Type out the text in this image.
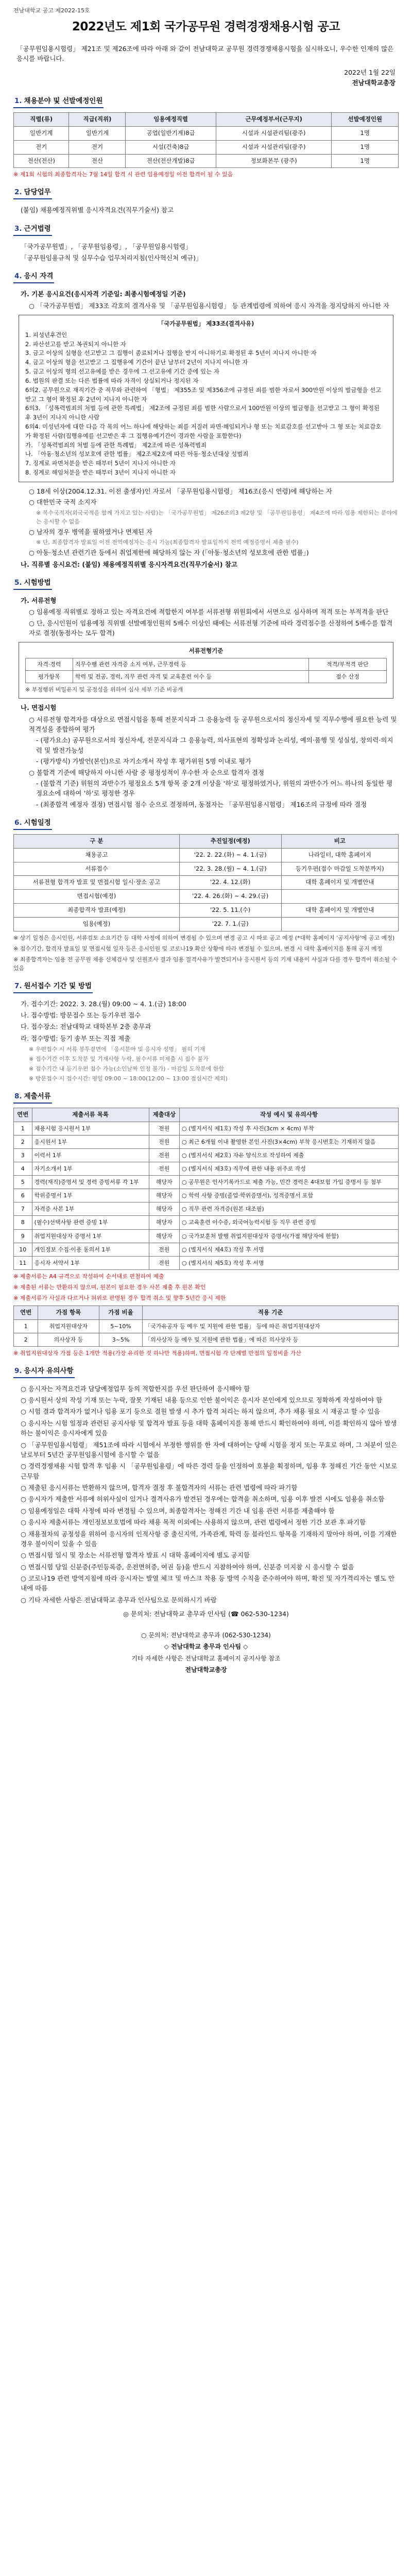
전남대학교 공고 제2022-15호
2022년도 제1회 국가공무원 경력경쟁채용시험 공고
「공무원임용시험령」 제21조 및 제26조에 따라 아래 와 같이 전남대학교 공무원 경력경쟁채용시험을 실시하오니, 우수한 인재의 많은 응시를 바랍니다.
2022년 1월 22일
전남대학교총장
1. 채용분야 및 선발예정인원
직렬(류)	직급(직위)	임용예정직렬	근무예정부서(근무지)	선발예정인원
일반기계	일반기계	공업(일반기계)8급	시설과 시설관리팀(광주)	1명
전기	전기	시설(건축)8급	시설과 시설관리팀(광주)	1명
전산(전산)	전산	전산(전산개발)8급	정보화본부 (광주)	1명
※ 제1회 시험의 최종합격자는 7월 14일 합격 시 관련 임용예정일 이전 합격이 될 수 있음
2. 담당업무
(붙임) 채용예정직위별 응시자격요건(직무기술서) 참고
3. 근거법령
「국가공무원법」, 「공무원임용령」, 「공무원임용시험령」
「공무원임용규칙 및 실무수습 업무처리지침(인사혁신처 예규)」
4. 응시 자격
가. 기본 응시요건(응시자격 기준일: 최종시험예정일 기준)
○ 「국가공무원법」 제33조 각호의 결격사유 및 「공무원임용시험령」 등 관계법령에 의하여 응시 자격을 정지당하지 아니한 자
「국가공무원법」 제33조(결격사유)
1. 피성년후견인
2. 파산선고를 받고 복권되지 아니한 자
3. 금고 이상의 실형을 선고받고 그 집행이 종료되거나 집행을 받지 아니하기로 확정된 후 5년이 지나지 아니한 자
4. 금고 이상의 형을 선고받고 그 집행유예 기간이 끝난 날부터 2년이 지나지 아니한 자
5. 금고 이상의 형의 선고유예를 받은 경우에 그 선고유예 기간 중에 있는 자
6. 법원의 판결 또는 다른 법률에 따라 자격이 상실되거나 정지된 자
6의2. 공무원으로 재직기간 중 직무와 관련하여 「형법」 제355조 및 제356조에 규정된 죄를 범한 자로서 300만원 이상의 벌금형을 선고받고 그 형이 확정된 후 2년이 지나지 아니한 자
6의3. 「성폭력범죄의 처벌 등에 관한 특례법」 제2조에 규정된 죄를 범한 사람으로서 100만원 이상의 벌금형을 선고받고 그 형이 확정된 후 3년이 지나지 아니한 사람
6의4. 미성년자에 대한 다음 각 목의 어느 하나에 해당하는 죄를 저질러 파면·해임되거나 형 또는 치료감호를 선고받아 그 형 또는 치료감호가 확정된 사람(집행유예를 선고받은 후 그 집행유예기간이 경과한 사람을 포함한다)
가. 「성폭력범죄의 처벌 등에 관한 특례법」 제2조에 따른 성폭력범죄
나. 「아동·청소년의 성보호에 관한 법률」 제2조제2호에 따른 아동·청소년대상 성범죄
7. 징계로 파면처분을 받은 때부터 5년이 지나지 아니한 자
8. 징계로 해임처분을 받은 때부터 3년이 지나지 아니한 자
○ 18세 이상(2004.12.31. 이전 출생자)인 자로서 「공무원임용시험령」 제16조(응시 연령)에 해당하는 자
○ 대한민국 국적 소지자
※ 복수국적자(외국국적을 함께 가지고 있는 사람)는 「국가공무원법」 제26조의3 제2항 및 「공무원임용령」 제4조에 따라 임용 제한되는 분야에는 응시할 수 없음
○ 남자의 경우 병역을 필하였거나 면제된 자
※ 단, 최종합격자 발표일 이전 전역예정자는 응시 가능(최종합격자 발표일까지 전역 예정증명서 제출 필수)
○ 아동·청소년 관련기관 등에서 취업제한에 해당하지 않는 자 (「아동·청소년의 성보호에 관한 법률」)
나. 직류별 응시요건: (붙임) 채용예정직위별 응시자격요건(직무기술서) 참고
5. 시험방법
가. 서류전형
○ 임용예정 직위별로 정하고 있는 자격요건에 적합한지 여부를 서류전형 위원회에서 서면으로 심사하며 적격 또는 부적격을 판단
○ 단, 응시인원이 임용예정 직위별 선발예정인원의 5배수 이상인 때에는 서류전형 기준에 따라 경력점수를 산정하여 5배수를 합격자로 결정(동점자는 모두 합격)
서류전형기준
자격·경력	직무수행 관련 자격증 소지 여부, 근무경력 등	적격/부적격 판단
평가항목	학력 및 전공, 경력, 직무 관련 자격 및 교육훈련 이수 등	점수 산정
※ 부정행위 비밀유지 및 공정성을 위하여 심사 세부 기준 비공개
나. 면접시험
○ 서류전형 합격자를 대상으로 면접시험을 통해 전문지식과 그 응용능력 등 공무원으로서의 정신자세 및 직무수행에 필요한 능력 및 적격성을 종합하여 평가
- (평가요소) 공무원으로서의 정신자세, 전문지식과 그 응용능력, 의사표현의 정확성과 논리성, 예의·품행 및 성실성, 창의력·의지력 및 발전가능성
- (평가방식) 가발언(본인)으로 자기소개서 작성 후 평가위원 5명 이내로 평가
○ 불합격 기준에 해당하지 아니한 사람 중 평정성적이 우수한 자 순으로 합격자 결정
- (불합격 기준) 위원의 과반수가 평정요소 5개 항목 중 2개 이상을 '하'로 평정하였거나, 위원의 과반수가 어느 하나의 동일한 평정요소에 대하여 '하'로 평정한 경우
- (최종합격 예정자 결정) 면접시험 점수 순으로 결정하며, 동점자는 「공무원임용시험령」 제16조의 규정에 따라 결정
6. 시험일정
구 분	추진일정(예정)	비고
채용공고	'22. 2. 22.(화) ~ 4. 1.(금)	나라일터, 대학 홈페이지
서류접수	'22. 3. 28.(월) ~ 4. 1.(금)	등기우편(접수 마감일 도착분까지)
서류전형 합격자 발표 및 면접시험 일시·장소 공고	'22. 4. 12.(화)	대학 홈페이지 및 개별안내
면접시험(예정)	'22. 4. 26.(화) ~ 4. 29.(금)	
최종합격자 발표(예정)	'22. 5. 11.(수)	대학 홈페이지 및 개별안내
임용(예정)	'22. 7. 1.(금)	
※ 상기 일정은 응시인원, 서류검토 소요기간 등 대학 사정에 의하여 변경될 수 있으며 변경 공고 시 따로 공고 예정 (*대학 홈페이지 '공지사항'에 공고 예정)
※ 접수기간, 합격자 발표일 및 면접시험 일자 등은 응시인원 및 코로나19 확산 상황에 따라 변경될 수 있으며, 변경 시 대학 홈페이지를 통해 공지 예정
※ 최종합격자는 임용 전 공무원 채용 신체검사 및 신원조사 결과 임용 결격사유가 발견되거나 응시원서 등의 기재 내용이 사실과 다를 경우 합격이 취소될 수 있음
7. 원서접수 기간 및 방법
가. 접수기간: 2022. 3. 28.(월) 09:00 ~ 4. 1.(금) 18:00
나. 접수방법: 방문접수 또는 등기우편 접수
다. 접수장소: 전남대학교 대학본부 2층 총무과
라. 접수방법: 등기 송부 또는 직접 제출
※ 우편접수 시 서류 봉투겉면에 「응시분야 및 응시자 성명」 필히 기재
※ 접수기간 이후 도착분 및 기재사항 누락, 필수서류 미제출 시 접수 불가
※ 접수기간 내 등기우편 접수 가능(소인날짜 인정 불가) - 마감일 도착분에 한함
※ 방문접수 시 접수시간: 평일 09:00 ~ 18:00(12:00 ~ 13:00 점심시간 제외)
8. 제출서류
연번	제출서류 목록	제출대상	작성 예시 및 유의사항
1	채용시험 응시원서 1부	전원	○ (별지서식 제1호) 작성 후 사진(3cm × 4cm) 부착
2	응시원서 1부	전원	○ 최근 6개월 이내 촬영한 본인 사진(3×4cm) 부착 응시번호는 기재하지 않음
3	이력서 1부	전원	○ (별지서식 제2호) 자유 양식으로 작성하여 제출
4	자기소개서 1부	전원	○ (별지서식 제3호) 직무에 관한 내용 위주로 작성
5	경력(재직)증명서 및 경력 증빙서류 각 1부	해당자	○ 공무원은 인사기록카드로 제출 가능, 민간 경력은 4대보험 가입 증명서 등 첨부
6	학위증명서 1부	해당자	○ 학력 사항 증빙(졸업·학위증명서), 성적증명서 포함
7	자격증 사본 1부	해당자	○ 직무 관련 자격증(원본 대조필)
8	(필수)선택사항 관련 증빙 1부	해당자	○ 교육훈련 이수증, 외국어능력시험 등 직무 관련 증빙
9	취업지원대상자 증명서 1부	해당자	○ 국가보훈처 발행 취업지원대상자 증명서(가점 해당자에 한함)
10	개인정보 수집·이용 동의서 1부	전원	○ (별지서식 제4호) 작성 후 서명
11	응시자 서약서 1부	전원	○ (별지서식 제5호) 작성 후 서명
※ 제출서류는 A4 규격으로 작성하여 순서대로 편철하여 제출
※ 제출된 서류는 반환하지 않으며, 원본이 필요한 경우 사본 제출 후 원본 확인
※ 제출서류가 사실과 다르거나 허위로 판명된 경우 합격 취소 및 향후 5년간 응시 제한
연번	가점 항목	가점 비율	적용 기준
1	취업지원대상자	5~10%	「국가유공자 등 예우 및 지원에 관한 법률」 등에 따른 취업지원대상자
2	의사상자 등	3~5%	「의사상자 등 예우 및 지원에 관한 법률」에 따른 의사상자 등
※ 취업지원대상자 가점 등은 1개만 적용(가장 유리한 것 하나만 적용)하며, 면접시험 각 단계별 만점의 일정비율 가산
9. 응시자 유의사항
○ 응시자는 자격요건과 담당예정업무 등의 적합한지를 우선 판단하여 응시해야 함
○ 응시원서 상의 작성 기재 또는 누락, 잘못 기재된 내용 등으로 인한 불이익은 응시자 본인에게 있으므로 정확하게 작성하여야 함
○ 시험 결과 합격자가 없거나 임용 포기 등으로 결원 발생 시 추가 합격 처리는 하지 않으며, 추가 채용 필요 시 재공고 할 수 있음
○ 응시자는 시험 일정과 관련된 공지사항 및 합격자 발표 등을 대학 홈페이지를 통해 반드시 확인하여야 하며, 이를 확인하지 않아 발생하는 불이익은 응시자에게 있음
○ 「공무원임용시험령」 제51조에 따라 시험에서 부정한 행위를 한 자에 대하여는 당해 시험을 정지 또는 무효로 하며, 그 처분이 있은 날로부터 5년간 공무원임용시험에 응시할 수 없음
○ 경력경쟁채용 시험 합격 후 임용 시 「공무원임용령」에 따른 경력 등을 인정하여 호봉을 획정하며, 임용 후 정해진 기간 동안 시보로 근무함
○ 제출된 응시서류는 반환하지 않으며, 합격자 결정 후 불합격자의 서류는 관련 법령에 따라 파기함
○ 응시자가 제출한 서류에 허위사실이 있거나 결격사유가 발견된 경우에는 합격을 취소하며, 임용 이후 발견 시에도 임용을 취소함
○ 임용예정일은 대학 사정에 따라 변경될 수 있으며, 최종합격자는 정해진 기간 내 임용 관련 서류를 제출해야 함
○ 응시자 제출서류는 개인정보보호법에 따라 채용 목적 이외에는 사용하지 않으며, 관련 법령에서 정한 기간 보관 후 파기함
○ 채용절차의 공정성을 위하여 응시자의 인적사항 중 출신지역, 가족관계, 학력 등 블라인드 항목을 기재하지 말아야 하며, 이를 기재한 경우 불이익이 있을 수 있음
○ 면접시험 일시 및 장소는 서류전형 합격자 발표 시 대학 홈페이지에 별도 공지함
○ 면접시험 당일 신분증(주민등록증, 운전면허증, 여권 등)을 반드시 지참하여야 하며, 신분증 미지참 시 응시할 수 없음
○ 코로나19 관련 방역지침에 따라 응시자는 발열 체크 및 마스크 착용 등 방역 수칙을 준수하여야 하며, 확진 및 자가격리자는 별도 안내에 따름
○ 기타 자세한 사항은 전남대학교 총무과 인사팀으로 문의하시기 바람
◎ 문의처: 전남대학교 총무과 인사팀 (☎ 062-530-1234)
○ 문의처: 전남대학교 총무과 (062-530-1234)
◇ 전남대학교 총무과 인사팀 ◇
기타 자세한 사항은 전남대학교 홈페이지 공지사항 참조
전남대학교총장
